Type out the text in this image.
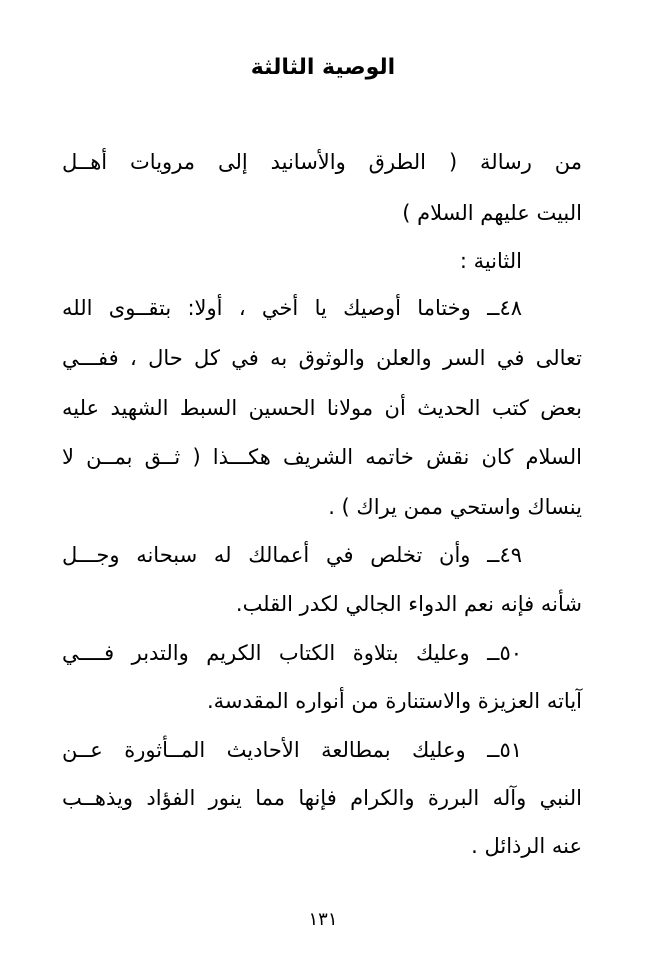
الوصية الثالثة
من رسالة ( الطرق والأسانيد إلى مرويات أهــل
البيت عليهم السلام )
الثانية :
٤٨ــ وختاما أوصيك يا أخي ، أولا: بتقــوى الله
تعالى في السر والعلن والوثوق به في كل حال ، ففـــي
بعض كتب الحديث أن مولانا الحسين السبط الشهيد عليه
السلام كان نقش خاتمه الشريف هكـــذا ( ثــق بمــن لا
ينساك واستحي ممن يراك ) .
٤٩ــ وأن تخلص في أعمالك له سبحانه وجـــل
شأنه فإنه نعم الدواء الجالي لكدر القلب.
٥٠ــ وعليك بتلاوة الكتاب الكريم والتدبر فــــي
آياته العزيزة والاستنارة من أنواره المقدسة.
٥١ــ وعليك بمطالعة الأحاديث المــأثورة عــن
النبي وآله البررة والكرام فإنها مما ينور الفؤاد ويذهــب
عنه الرذائل .
١٣١
